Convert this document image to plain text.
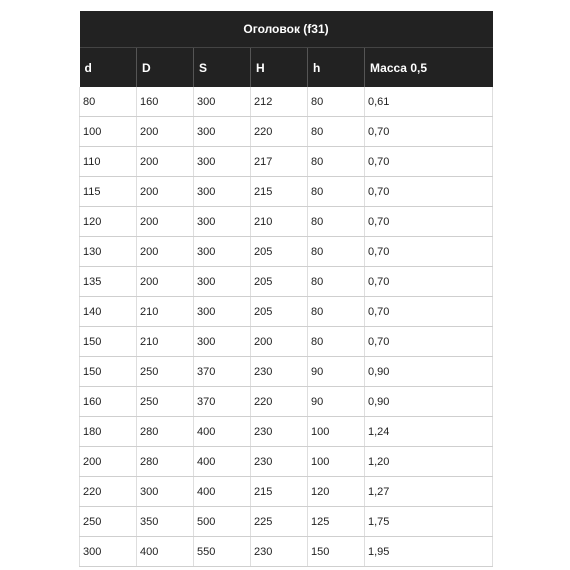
Оголовок (f31)					
d	D	S	H	h	Масса 0,5
80	160	300	212	80	0,61
100	200	300	220	80	0,70
110	200	300	217	80	0,70
115	200	300	215	80	0,70
120	200	300	210	80	0,70
130	200	300	205	80	0,70
135	200	300	205	80	0,70
140	210	300	205	80	0,70
150	210	300	200	80	0,70
150	250	370	230	90	0,90
160	250	370	220	90	0,90
180	280	400	230	100	1,24
200	280	400	230	100	1,20
220	300	400	215	120	1,27
250	350	500	225	125	1,75
300	400	550	230	150	1,95
